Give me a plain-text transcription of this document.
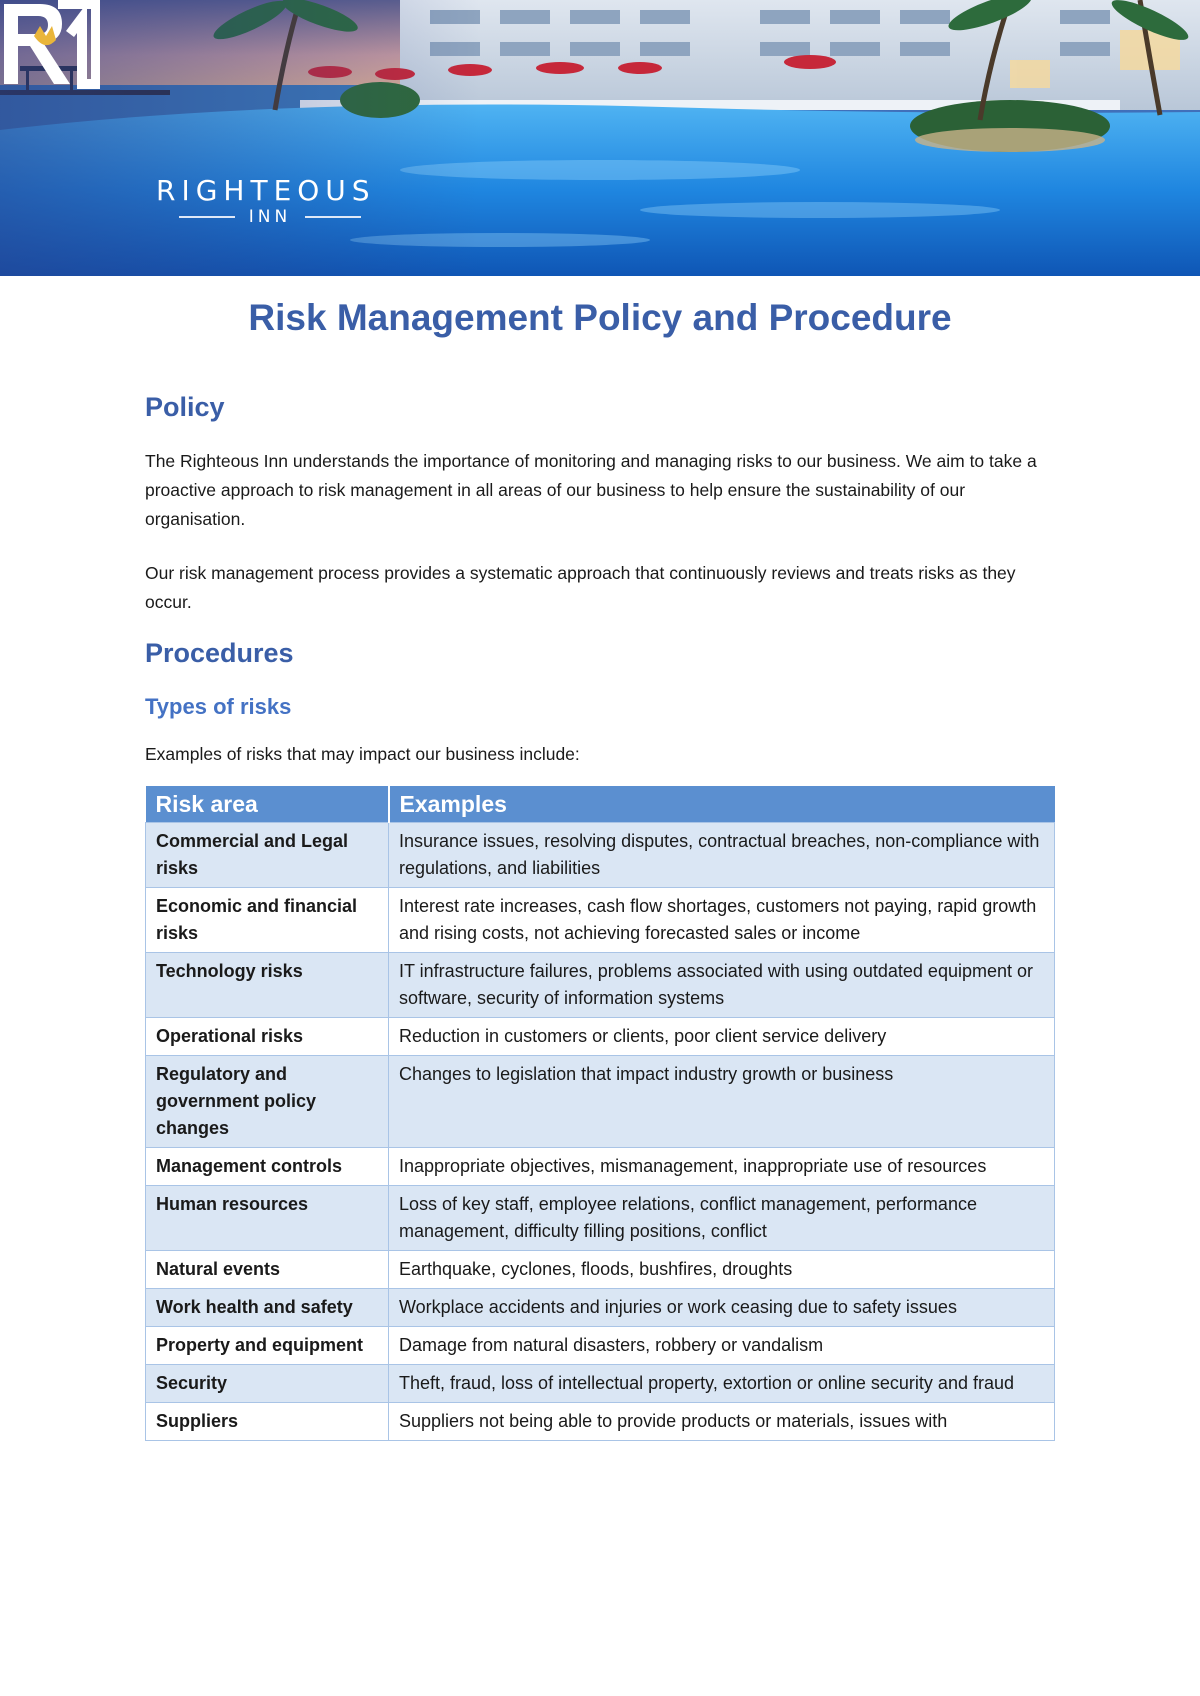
RIGHTEOUS
INN
Risk Management Policy and Procedure
Policy

The Righteous Inn understands the importance of monitoring and managing risks to our business. We aim to take a proactive approach to risk management in all areas of our business to help ensure the sustainability of our organisation.

Our risk management process provides a systematic approach that continuously reviews and treats risks as they occur.

Procedures
Types of risks

Examples of risks that may impact our business include:

Risk area	Examples
Commercial and Legal risks	Insurance issues, resolving disputes, contractual breaches, non-compliance with regulations, and liabilities
Economic and financial risks	Interest rate increases, cash flow shortages, customers not paying, rapid growth and rising costs, not achieving forecasted sales or income
Technology risks	IT infrastructure failures, problems associated with using outdated equipment or software, security of information systems
Operational risks	Reduction in customers or clients, poor client service delivery
Regulatory and government policy changes	Changes to legislation that impact industry growth or business
Management controls	Inappropriate objectives, mismanagement, inappropriate use of resources
Human resources	Loss of key staff, employee relations, conflict management, performance management, difficulty filling positions, conflict
Natural events	Earthquake, cyclones, floods, bushfires, droughts
Work health and safety	Workplace accidents and injuries or work ceasing due to safety issues
Property and equipment	Damage from natural disasters, robbery or vandalism
Security	Theft, fraud, loss of intellectual property, extortion or online security and fraud
Suppliers	Suppliers not being able to provide products or materials, issues with
